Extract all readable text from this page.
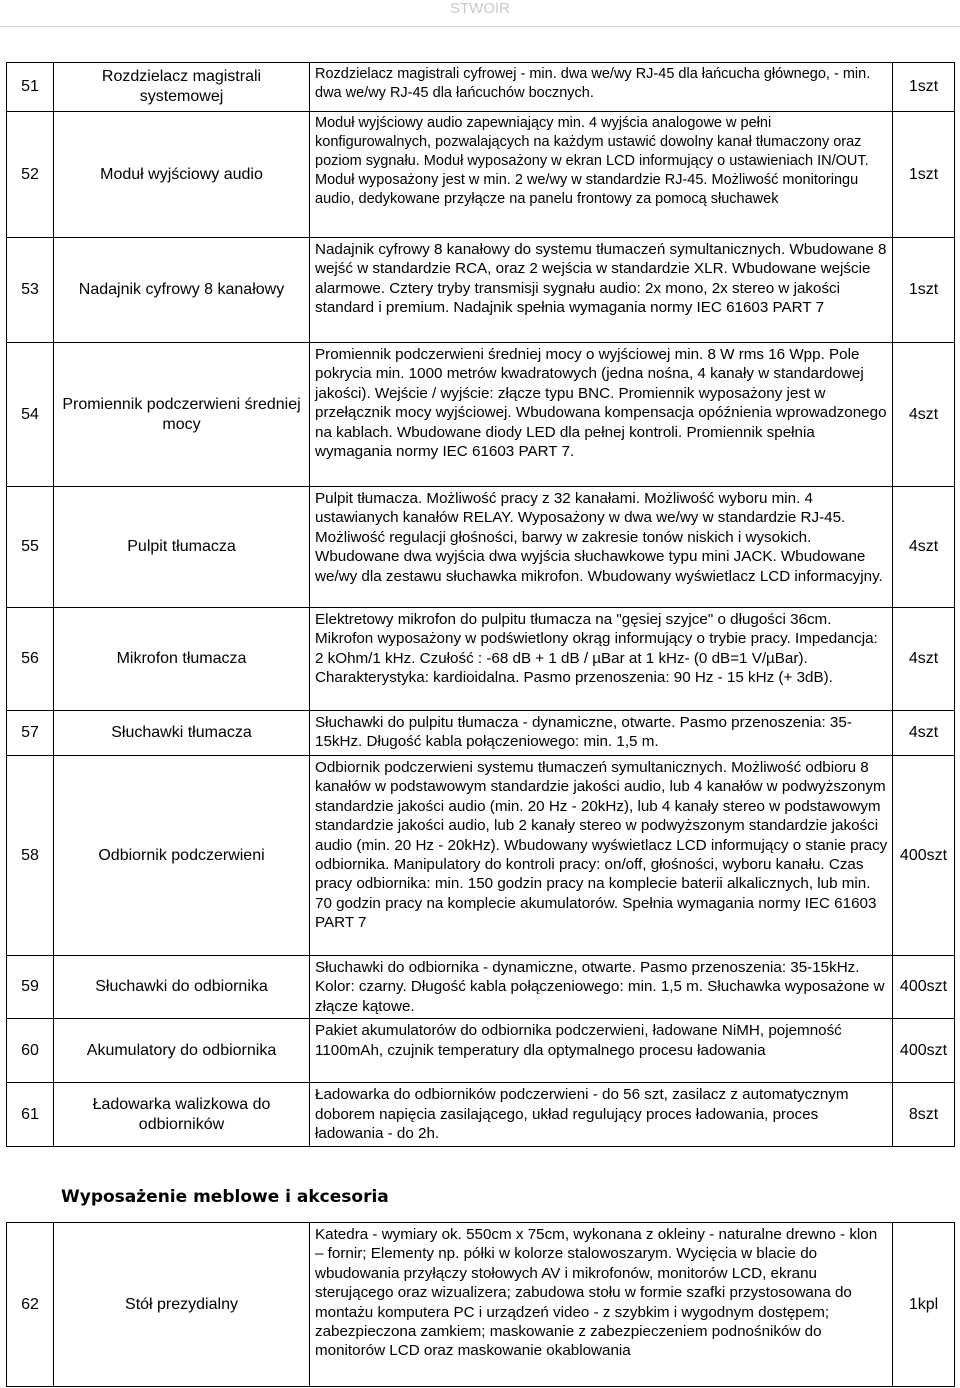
STWOIR
51	Rozdzielacz magistrali systemowej	Rozdzielacz magistrali cyfrowej - min. dwa we/wy RJ-45 dla łańcucha głównego, - min. dwa we/wy RJ-45 dla łańcuchów bocznych.	1szt
52	Moduł wyjściowy audio	Moduł wyjściowy audio zapewniający min. 4 wyjścia analogowe w pełni konfigurowalnych, pozwalających na każdym ustawić dowolny kanał tłumaczony oraz poziom sygnału. Moduł wyposażony w ekran LCD informujący o ustawieniach IN/OUT. Moduł wyposażony jest w min. 2 we/wy w standardzie RJ-45. Możliwość monitoringu audio, dedykowane przyłącze na panelu frontowy za pomocą słuchawek	1szt
53	Nadajnik cyfrowy 8 kanałowy	Nadajnik cyfrowy 8 kanałowy do systemu tłumaczeń symultanicznych. Wbudowane 8 wejść w standardzie RCA, oraz 2 wejścia w standardzie XLR. Wbudowane wejście alarmowe. Cztery tryby transmisji sygnału audio: 2x mono, 2x stereo w jakości standard i premium. Nadajnik spełnia wymagania normy IEC 61603 PART 7	1szt
54	Promiennik podczerwieni średniej mocy	Promiennik podczerwieni średniej mocy o wyjściowej min. 8 W rms 16 Wpp. Pole pokrycia min. 1000 metrów kwadratowych (jedna nośna, 4 kanały w standardowej jakości). Wejście / wyjście: złącze typu BNC. Promiennik wyposażony jest w przełącznik mocy wyjściowej. Wbudowana kompensacja opóźnienia wprowadzonego na kablach. Wbudowane diody LED dla pełnej kontroli. Promiennik spełnia wymagania normy IEC 61603 PART 7.	4szt
55	Pulpit tłumacza	Pulpit tłumacza. Możliwość pracy z 32 kanałami. Możliwość wyboru min. 4 ustawianych kanałów RELAY. Wyposażony w dwa we/wy w standardzie RJ-45. Możliwość regulacji głośności, barwy w zakresie tonów niskich i wysokich. Wbudowane dwa wyjścia dwa wyjścia słuchawkowe typu mini JACK. Wbudowane we/wy dla zestawu słuchawka mikrofon. Wbudowany wyświetlacz LCD informacyjny.	4szt
56	Mikrofon tłumacza	Elektretowy mikrofon do pulpitu tłumacza na "gęsiej szyjce" o długości 36cm. Mikrofon wyposażony w podświetlony okrąg informujący o trybie pracy. Impedancja: 2 kOhm/1 kHz. Czułość : -68 dB + 1 dB / µBar at 1 kHz- (0 dB=1 V/µBar). Charakterystyka: kardioidalna. Pasmo przenoszenia: 90 Hz - 15 kHz (+ 3dB).	4szt
57	Słuchawki tłumacza	Słuchawki do pulpitu tłumacza - dynamiczne, otwarte. Pasmo przenoszenia: 35-15kHz. Długość kabla połączeniowego: min. 1,5 m.	4szt
58	Odbiornik podczerwieni	Odbiornik podczerwieni systemu tłumaczeń symultanicznych. Możliwość odbioru 8 kanałów w podstawowym standardzie jakości audio, lub 4 kanałów w podwyższonym standardzie jakości audio (min. 20 Hz - 20kHz), lub 4 kanały stereo w podstawowym standardzie jakości audio, lub 2 kanały stereo w podwyższonym standardzie jakości audio (min. 20 Hz - 20kHz). Wbudowany wyświetlacz LCD informujący o stanie pracy odbiornika. Manipulatory do kontroli pracy: on/off, głośności, wyboru kanału. Czas pracy odbiornika: min. 150 godzin pracy na komplecie baterii alkalicznych, lub min. 70 godzin pracy na komplecie akumulatorów. Spełnia wymagania normy IEC 61603 PART 7	400szt
59	Słuchawki do odbiornika	Słuchawki do odbiornika - dynamiczne, otwarte. Pasmo przenoszenia: 35-15kHz. Kolor: czarny. Długość kabla połączeniowego: min. 1,5 m. Słuchawka wyposażone w złącze kątowe.	400szt
60	Akumulatory do odbiornika	Pakiet akumulatorów do odbiornika podczerwieni, ładowane NiMH, pojemność 1100mAh, czujnik temperatury dla optymalnego procesu ładowania	400szt
61	Ładowarka walizkowa do odbiorników	Ładowarka do odbiorników podczerwieni - do 56 szt, zasilacz z automatycznym doborem napięcia zasilającego, układ regulujący proces ładowania, proces ładowania - do 2h.	8szt
Wyposażenie meblowe i akcesoria
62	Stół prezydialny	Katedra - wymiary ok. 550cm x 75cm, wykonana z okleiny - naturalne drewno - klon – fornir; Elementy np. półki w kolorze stalowoszarym. Wycięcia w blacie do wbudowania przyłączy stołowych AV i mikrofonów, monitorów LCD, ekranu sterującego oraz wizualizera; zabudowa stołu w formie szafki przystosowana do montażu komputera PC i urządzeń video - z szybkim i wygodnym dostępem; zabezpieczona zamkiem; maskowanie z zabezpieczeniem podnośników do monitorów LCD oraz maskowanie okablowania	1kpl
